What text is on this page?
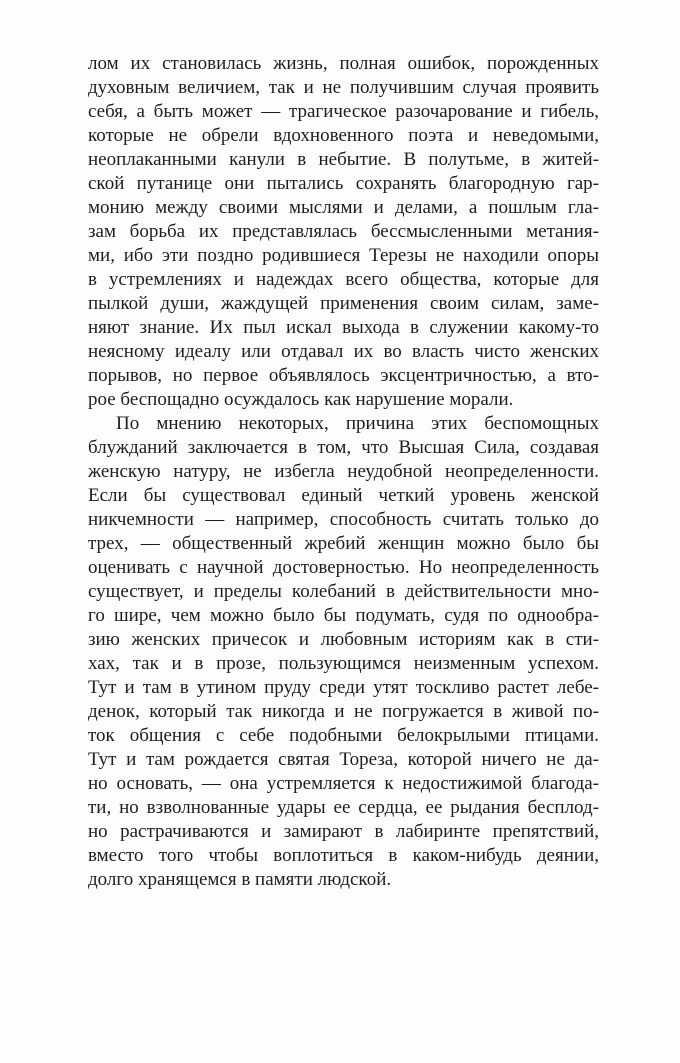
лом их становилась жизнь, полная ошибок, порожденных
духовным величием, так и не получившим случая проявить
себя, а быть может — трагическое разочарование и гибель,
которые не обрели вдохновенного поэта и неведомыми,
неоплаканными канули в небытие. В полутьме, в житей-
ской путанице они пытались сохранять благородную гар-
монию между своими мыслями и делами, а пошлым гла-
зам борьба их представлялась бессмысленными метания-
ми, ибо эти поздно родившиеся Терезы не находили опоры
в устремлениях и надеждах всего общества, которые для
пылкой души, жаждущей применения своим силам, заме-
няют знание. Их пыл искал выхода в служении какому-то
неясному идеалу или отдавал их во власть чисто женских
порывов, но первое объявлялось эксцентричностью, а вто-
рое беспощадно осуждалось как нарушение морали.
По мнению некоторых, причина этих беспомощных
блужданий заключается в том, что Высшая Сила, создавая
женскую натуру, не избегла неудобной неопределенности.
Если бы существовал единый четкий уровень женской
никчемности — например, способность считать только до
трех, — общественный жребий женщин можно было бы
оценивать с научной достоверностью. Но неопределенность
существует, и пределы колебаний в действительности мно-
го шире, чем можно было бы подумать, судя по однообра-
зию женских причесок и любовным историям как в сти-
хах, так и в прозе, пользующимся неизменным успехом.
Тут и там в утином пруду среди утят тоскливо растет лебе-
денок, который так никогда и не погружается в живой по-
ток общения с себе подобными белокрылыми птицами.
Тут и там рождается святая Тореза, которой ничего не да-
но основать, — она устремляется к недостижимой благода-
ти, но взволнованные удары ее сердца, ее рыдания бесплод-
но растрачиваются и замирают в лабиринте препятствий,
вместо того чтобы воплотиться в каком-нибудь деянии,
долго хранящемся в памяти людской.
